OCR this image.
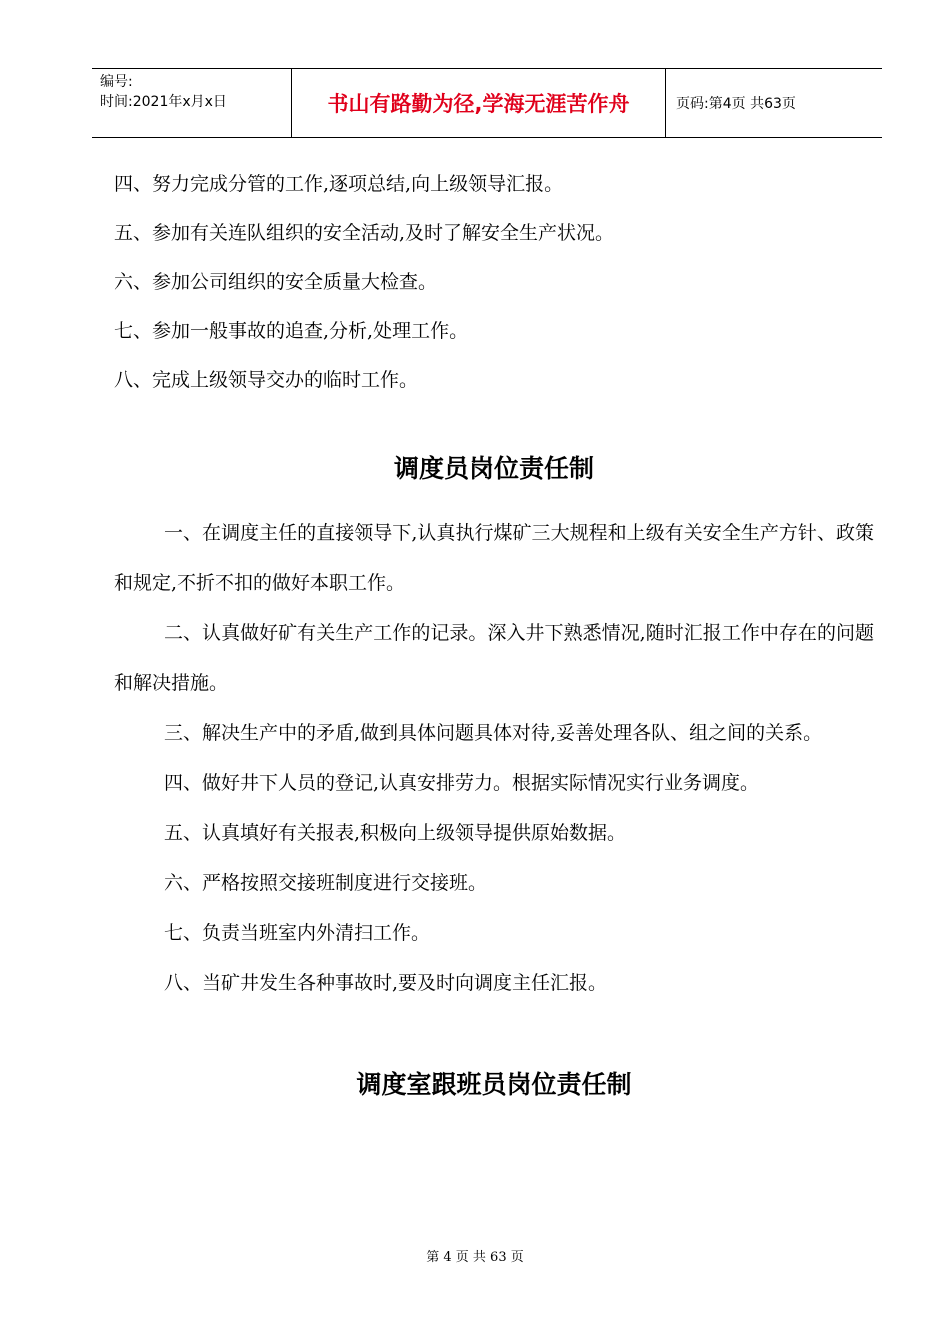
编号:
时间:2021年x月x日	书山有路勤为径,学海无涯苦作舟	页码:第4页 共63页

四、努力完成分管的工作,逐项总结,向上级领导汇报。

五、参加有关连队组织的安全活动,及时了解安全生产状况。

六、参加公司组织的安全质量大检查。

七、参加一般事故的追查,分析,处理工作。

八、完成上级领导交办的临时工作。

调度员岗位责任制

一、在调度主任的直接领导下,认真执行煤矿三大规程和上级有关安全生产方针、政策和规定,不折不扣的做好本职工作。

二、认真做好矿有关生产工作的记录。深入井下熟悉情况,随时汇报工作中存在的问题和解决措施。

三、解决生产中的矛盾,做到具体问题具体对待,妥善处理各队、组之间的关系。

四、做好井下人员的登记,认真安排劳力。根据实际情况实行业务调度。

五、认真填好有关报表,积极向上级领导提供原始数据。

六、严格按照交接班制度进行交接班。

七、负责当班室内外清扫工作。

八、当矿井发生各种事故时,要及时向调度主任汇报。

调度室跟班员岗位责任制
第 4 页 共 63 页
